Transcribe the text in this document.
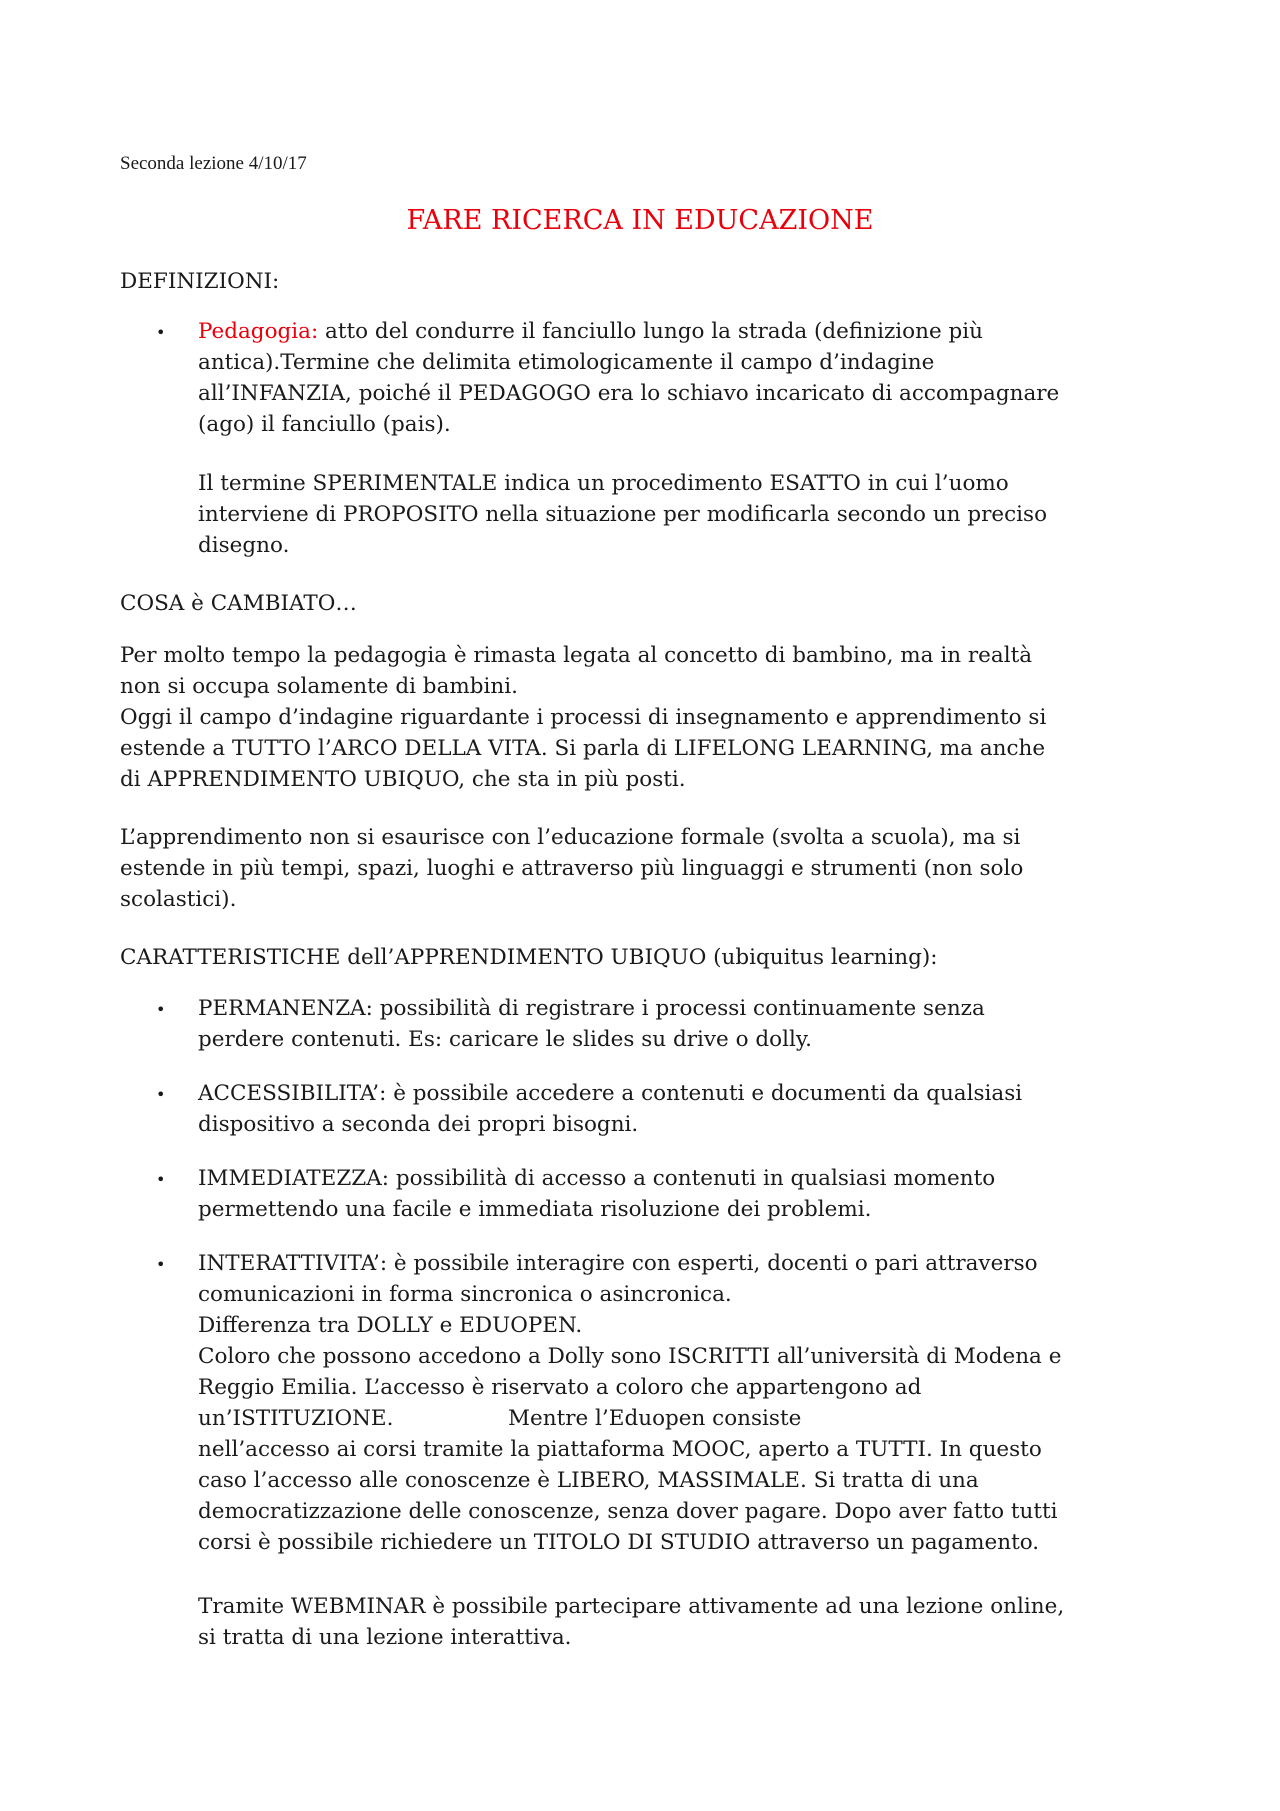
Seconda lezione 4/10/17

FARE RICERCA IN EDUCAZIONE

DEFINIZIONI:

• Pedagogia: atto del condurre il fanciullo lungo la strada (definizione più
antica).Termine che delimita etimologicamente il campo d’indagine
all’INFANZIA, poiché il PEDAGOGO era lo schiavo incaricato di accompagnare
(ago) il fanciullo (pais).

Il termine SPERIMENTALE indica un procedimento ESATTO in cui l’uomo
interviene di PROPOSITO nella situazione per modificarla secondo un preciso
disegno.

COSA è CAMBIATO…

Per molto tempo la pedagogia è rimasta legata al concetto di bambino, ma in realtà
non si occupa solamente di bambini.
Oggi il campo d’indagine riguardante i processi di insegnamento e apprendimento si
estende a TUTTO l’ARCO DELLA VITA. Si parla di LIFELONG LEARNING, ma anche
di APPRENDIMENTO UBIQUO, che sta in più posti.

L’apprendimento non si esaurisce con l’educazione formale (svolta a scuola), ma si
estende in più tempi, spazi, luoghi e attraverso più linguaggi e strumenti (non solo
scolastici).

CARATTERISTICHE dell’APPRENDIMENTO UBIQUO (ubiquitus learning):

• PERMANENZA: possibilità di registrare i processi continuamente senza
perdere contenuti. Es: caricare le slides su drive o dolly.

• ACCESSIBILITA’: è possibile accedere a contenuti e documenti da qualsiasi
dispositivo a seconda dei propri bisogni.

• IMMEDIATEZZA: possibilità di accesso a contenuti in qualsiasi momento
permettendo una facile e immediata risoluzione dei problemi.

• INTERATTIVITA’: è possibile interagire con esperti, docenti o pari attraverso
comunicazioni in forma sincronica o asincronica.
Differenza tra DOLLY e EDUOPEN.
Coloro che possono accedono a Dolly sono ISCRITTI all’università di Modena e
Reggio Emilia. L’accesso è riservato a coloro che appartengono ad
un’ISTITUZIONE.	Mentre l’Eduopen consiste
nell’accesso ai corsi tramite la piattaforma MOOC, aperto a TUTTI. In questo
caso l’accesso alle conoscenze è LIBERO, MASSIMALE. Si tratta di una
democratizzazione delle conoscenze, senza dover pagare. Dopo aver fatto tutti
corsi è possibile richiedere un TITOLO DI STUDIO attraverso un pagamento.

Tramite WEBMINAR è possibile partecipare attivamente ad una lezione online,
si tratta di una lezione interattiva.
